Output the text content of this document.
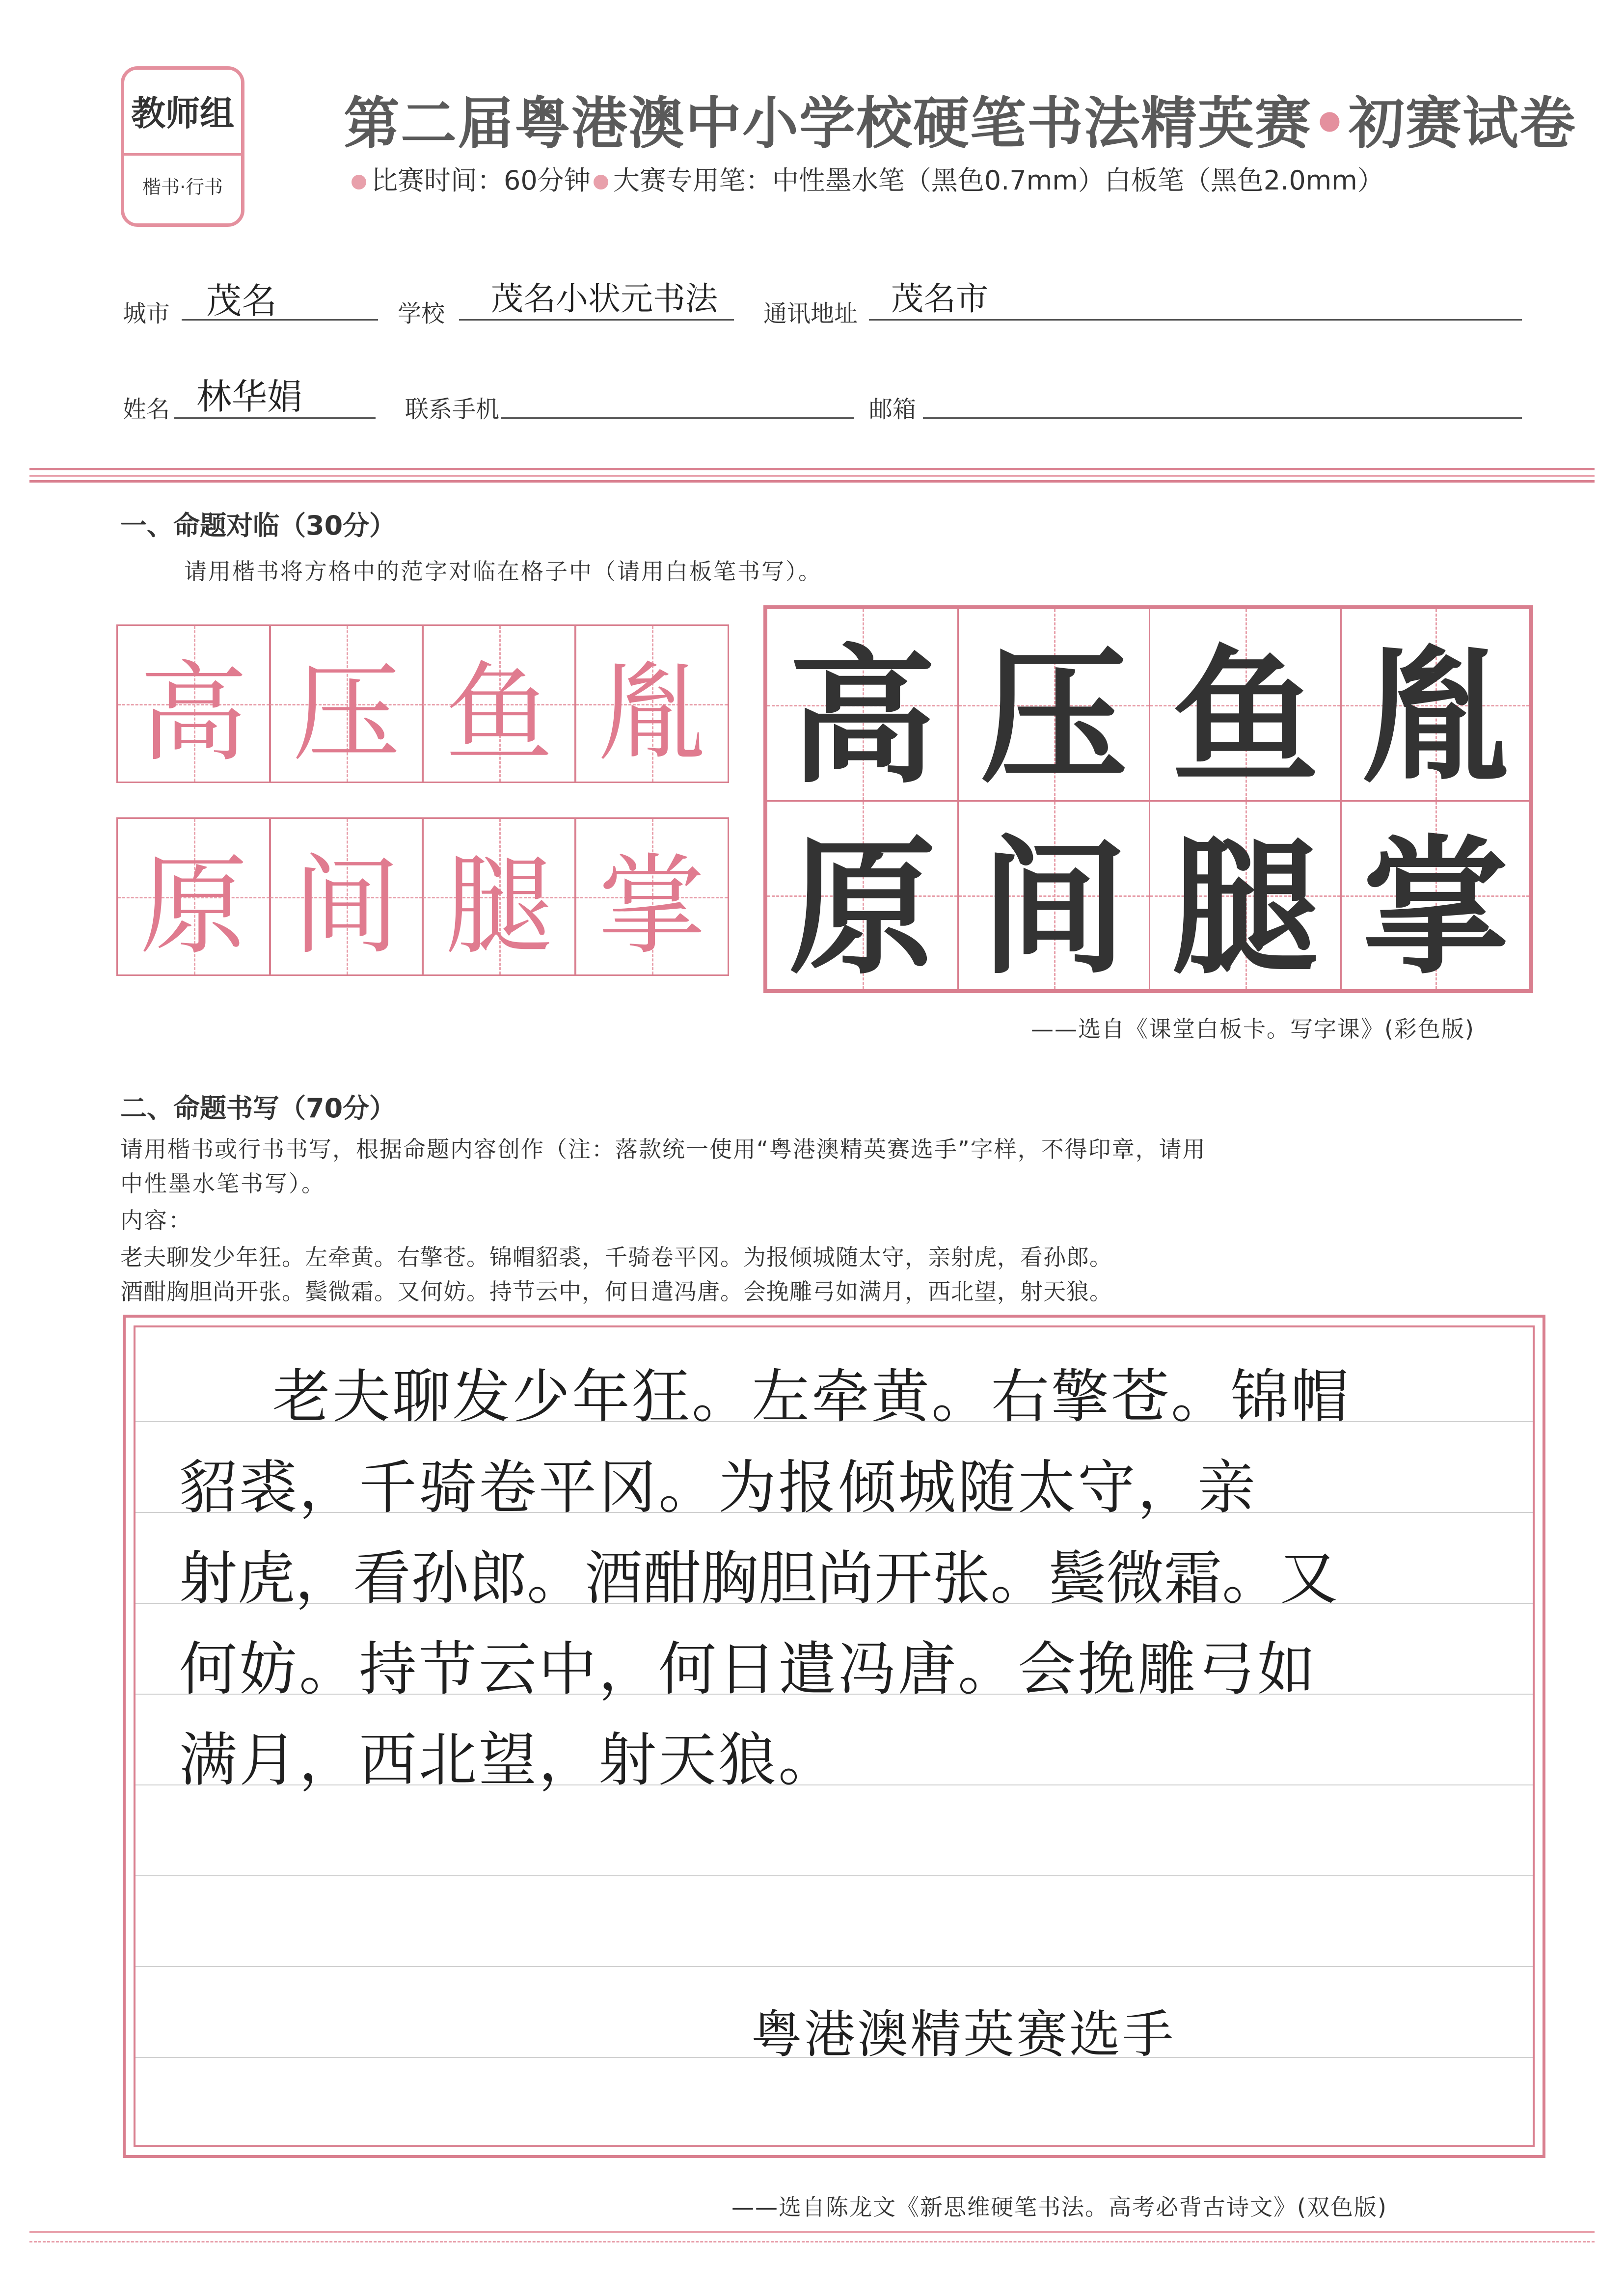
教师组
楷书·行书
第二届粤港澳中小学校硬笔书法精英赛•初赛试卷
比赛时间：60分钟 大赛专用笔：中性墨水笔（黑色0.7mm）白板笔（黑色2.0mm）
城市 茂名	学校 茂名小状元书法 通讯地址 茂名市
姓名 林华娟	联系手机	邮箱
一、命题对临（30分）
请用楷书将方格中的范字对临在格子中（请用白板笔书写）。
高 压 鱼 胤
原 间 腿 掌
高 压 鱼 胤
原 间 腿 掌
——选自《课堂白板卡。写字课》(彩色版)
二、命题书写（70分）
请用楷书或行书书写，根据命题内容创作（注：落款统一使用“粤港澳精英赛选手”字样，不得印章，请用
中性墨水笔书写）。
内容：
老夫聊发少年狂。左牵黄。右擎苍。锦帽貂裘，千骑卷平冈。为报倾城随太守，亲射虎，看孙郎。
酒酣胸胆尚开张。鬓微霜。又何妨。持节云中，何日遣冯唐。会挽雕弓如满月，西北望，射天狼。
老夫聊发少年狂。左牵黄。右擎苍。锦帽
貂裘，千骑卷平冈。为报倾城随太守，亲
射虎，看孙郎。酒酣胸胆尚开张。鬓微霜。又
何妨。持节云中，何日遣冯唐。会挽雕弓如
满月，西北望，射天狼。
粤港澳精英赛选手
——选自陈龙文《新思维硬笔书法。高考必背古诗文》(双色版)
